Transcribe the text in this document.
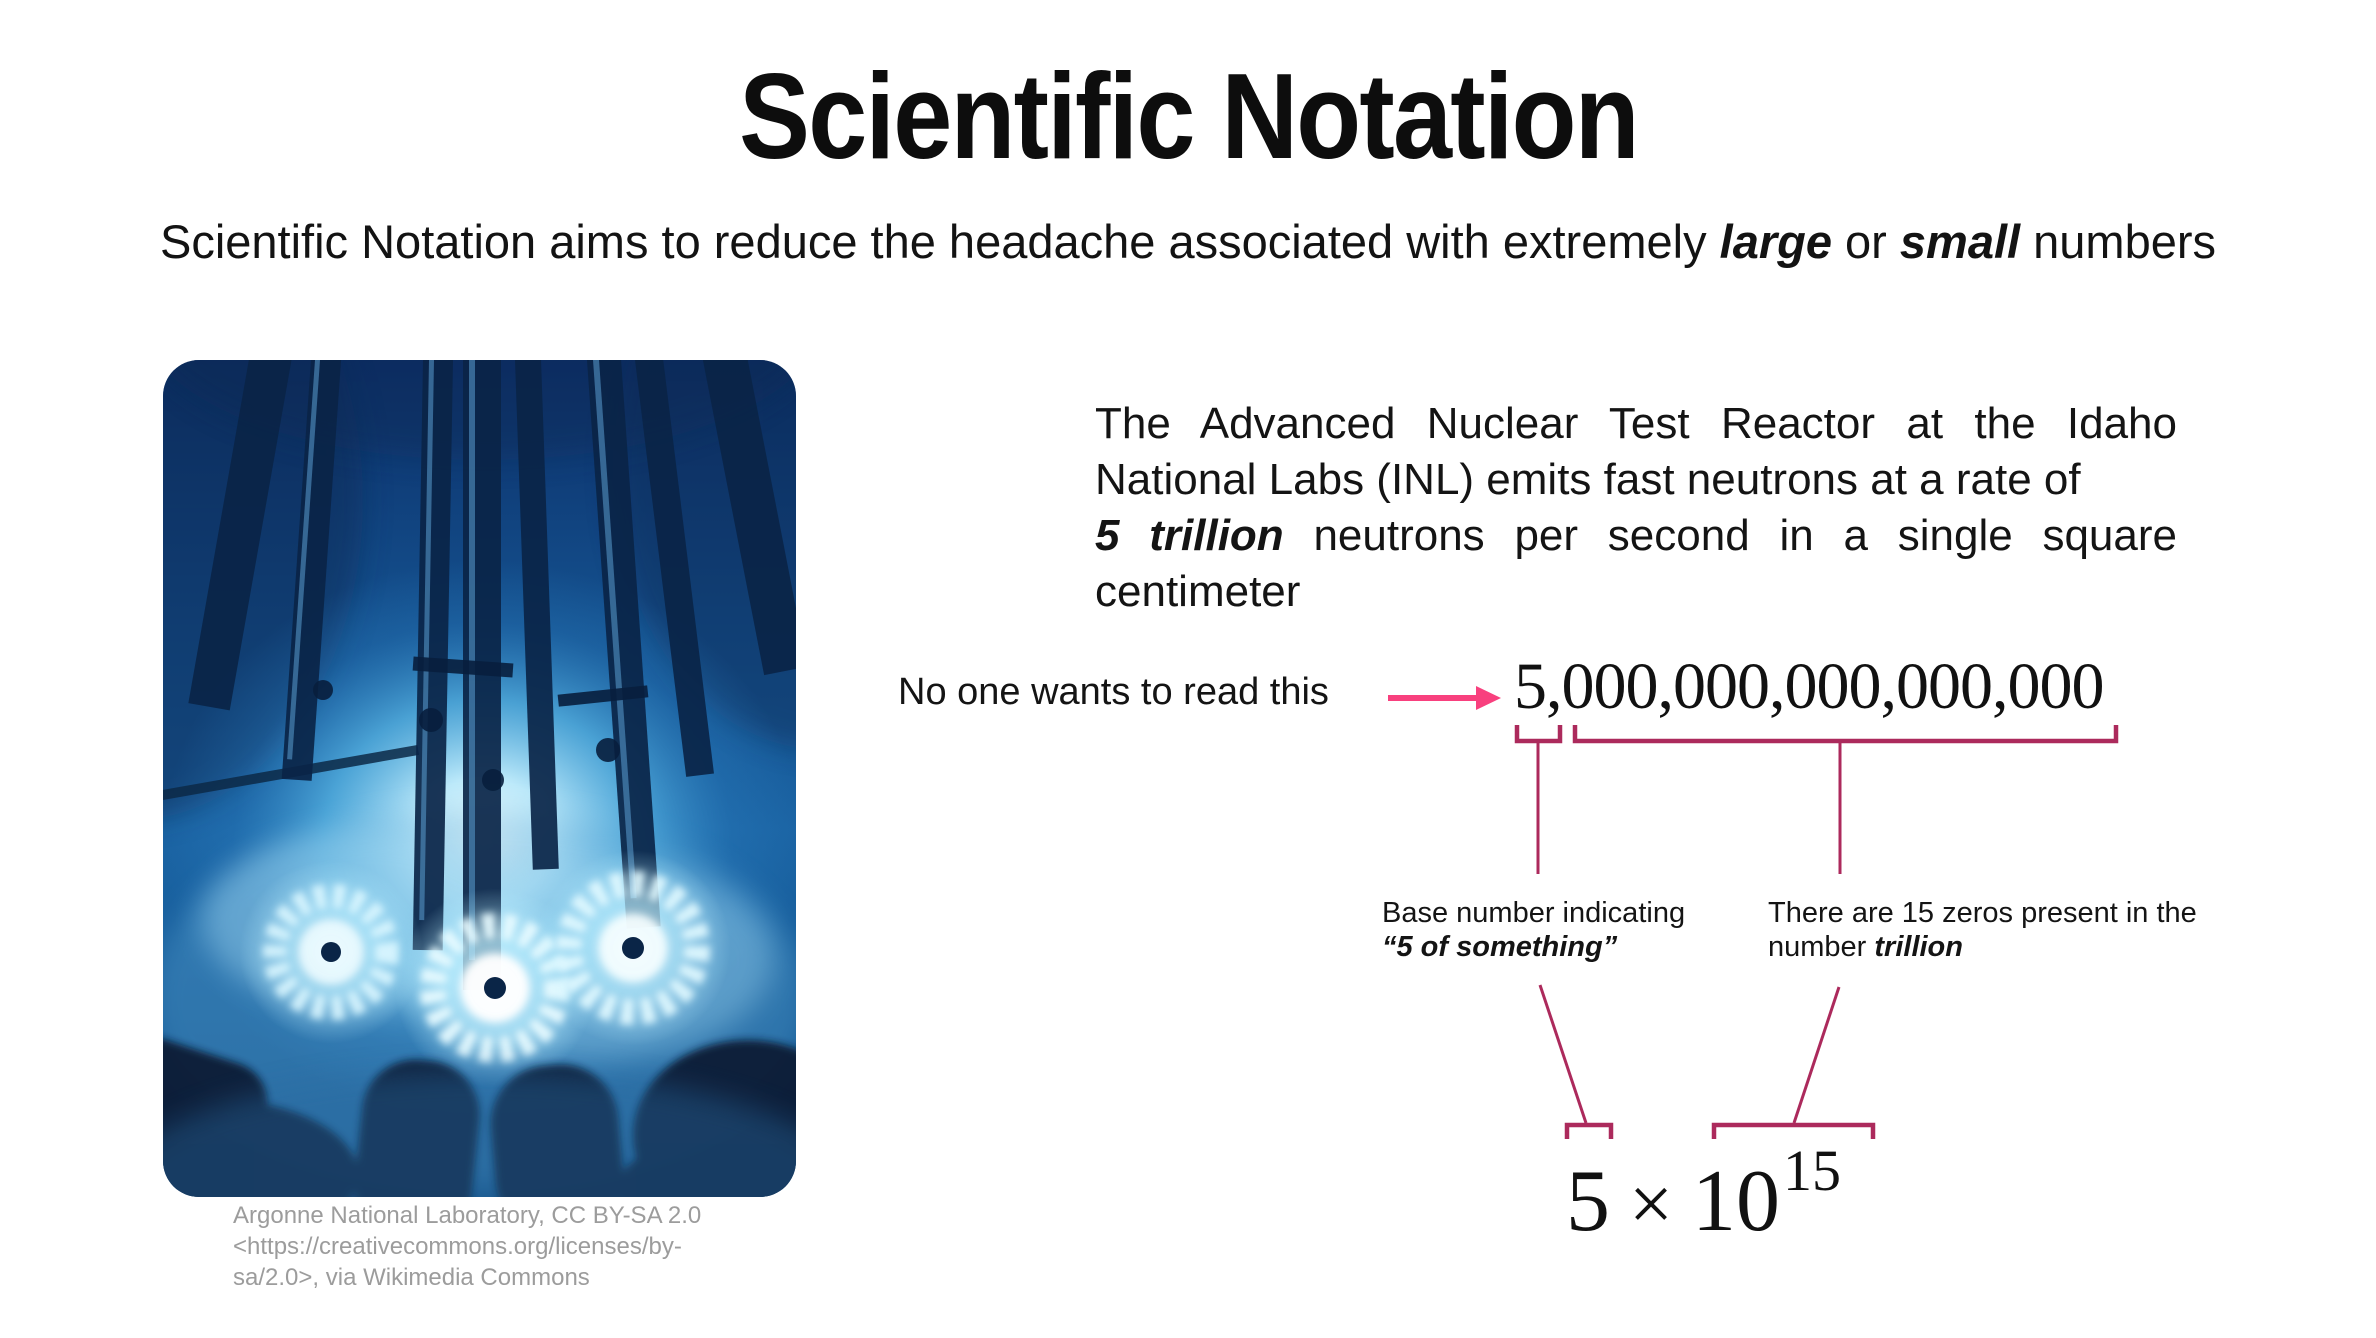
Scientific Notation
Scientific Notation aims to reduce the headache associated with extremely large or small numbers
Argonne National Laboratory, CC BY-SA 2.0
<https://creativecommons.org/licenses/by-
sa/2.0>, via Wikimedia Commons
The Advanced Nuclear Test Reactor at the Idaho
National Labs (INL) emits fast neutrons at a rate of
5 trillion neutrons per second in a single square
centimeter
No one wants to read this	5,000,000,000,000,000
Base number indicating
“5 of something”
There are 15 zeros present in the
number trillion
5 × 1015
